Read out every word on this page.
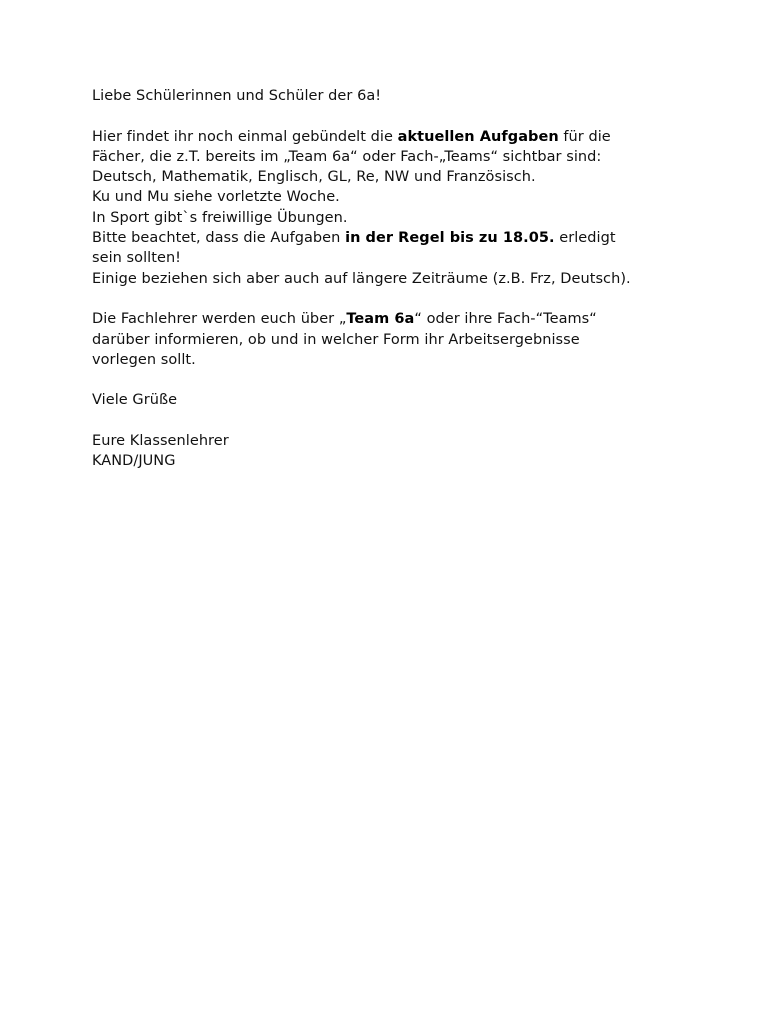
Liebe Schülerinnen und Schüler der 6a!
Hier findet ihr noch einmal gebündelt die aktuellen Aufgaben für die
Fächer, die z.T. bereits im „Team 6a“ oder Fach-„Teams“ sichtbar sind:
Deutsch, Mathematik, Englisch, GL, Re, NW und Französisch.
Ku und Mu siehe vorletzte Woche.
In Sport gibt`s freiwillige Übungen.
Bitte beachtet, dass die Aufgaben in der Regel bis zu 18.05. erledigt
sein sollten!
Einige beziehen sich aber auch auf längere Zeiträume (z.B. Frz, Deutsch).
Die Fachlehrer werden euch über „Team 6a“ oder ihre Fach-“Teams“
darüber informieren, ob und in welcher Form ihr Arbeitsergebnisse
vorlegen sollt.
Viele Grüße
Eure Klassenlehrer
KAND/JUNG
